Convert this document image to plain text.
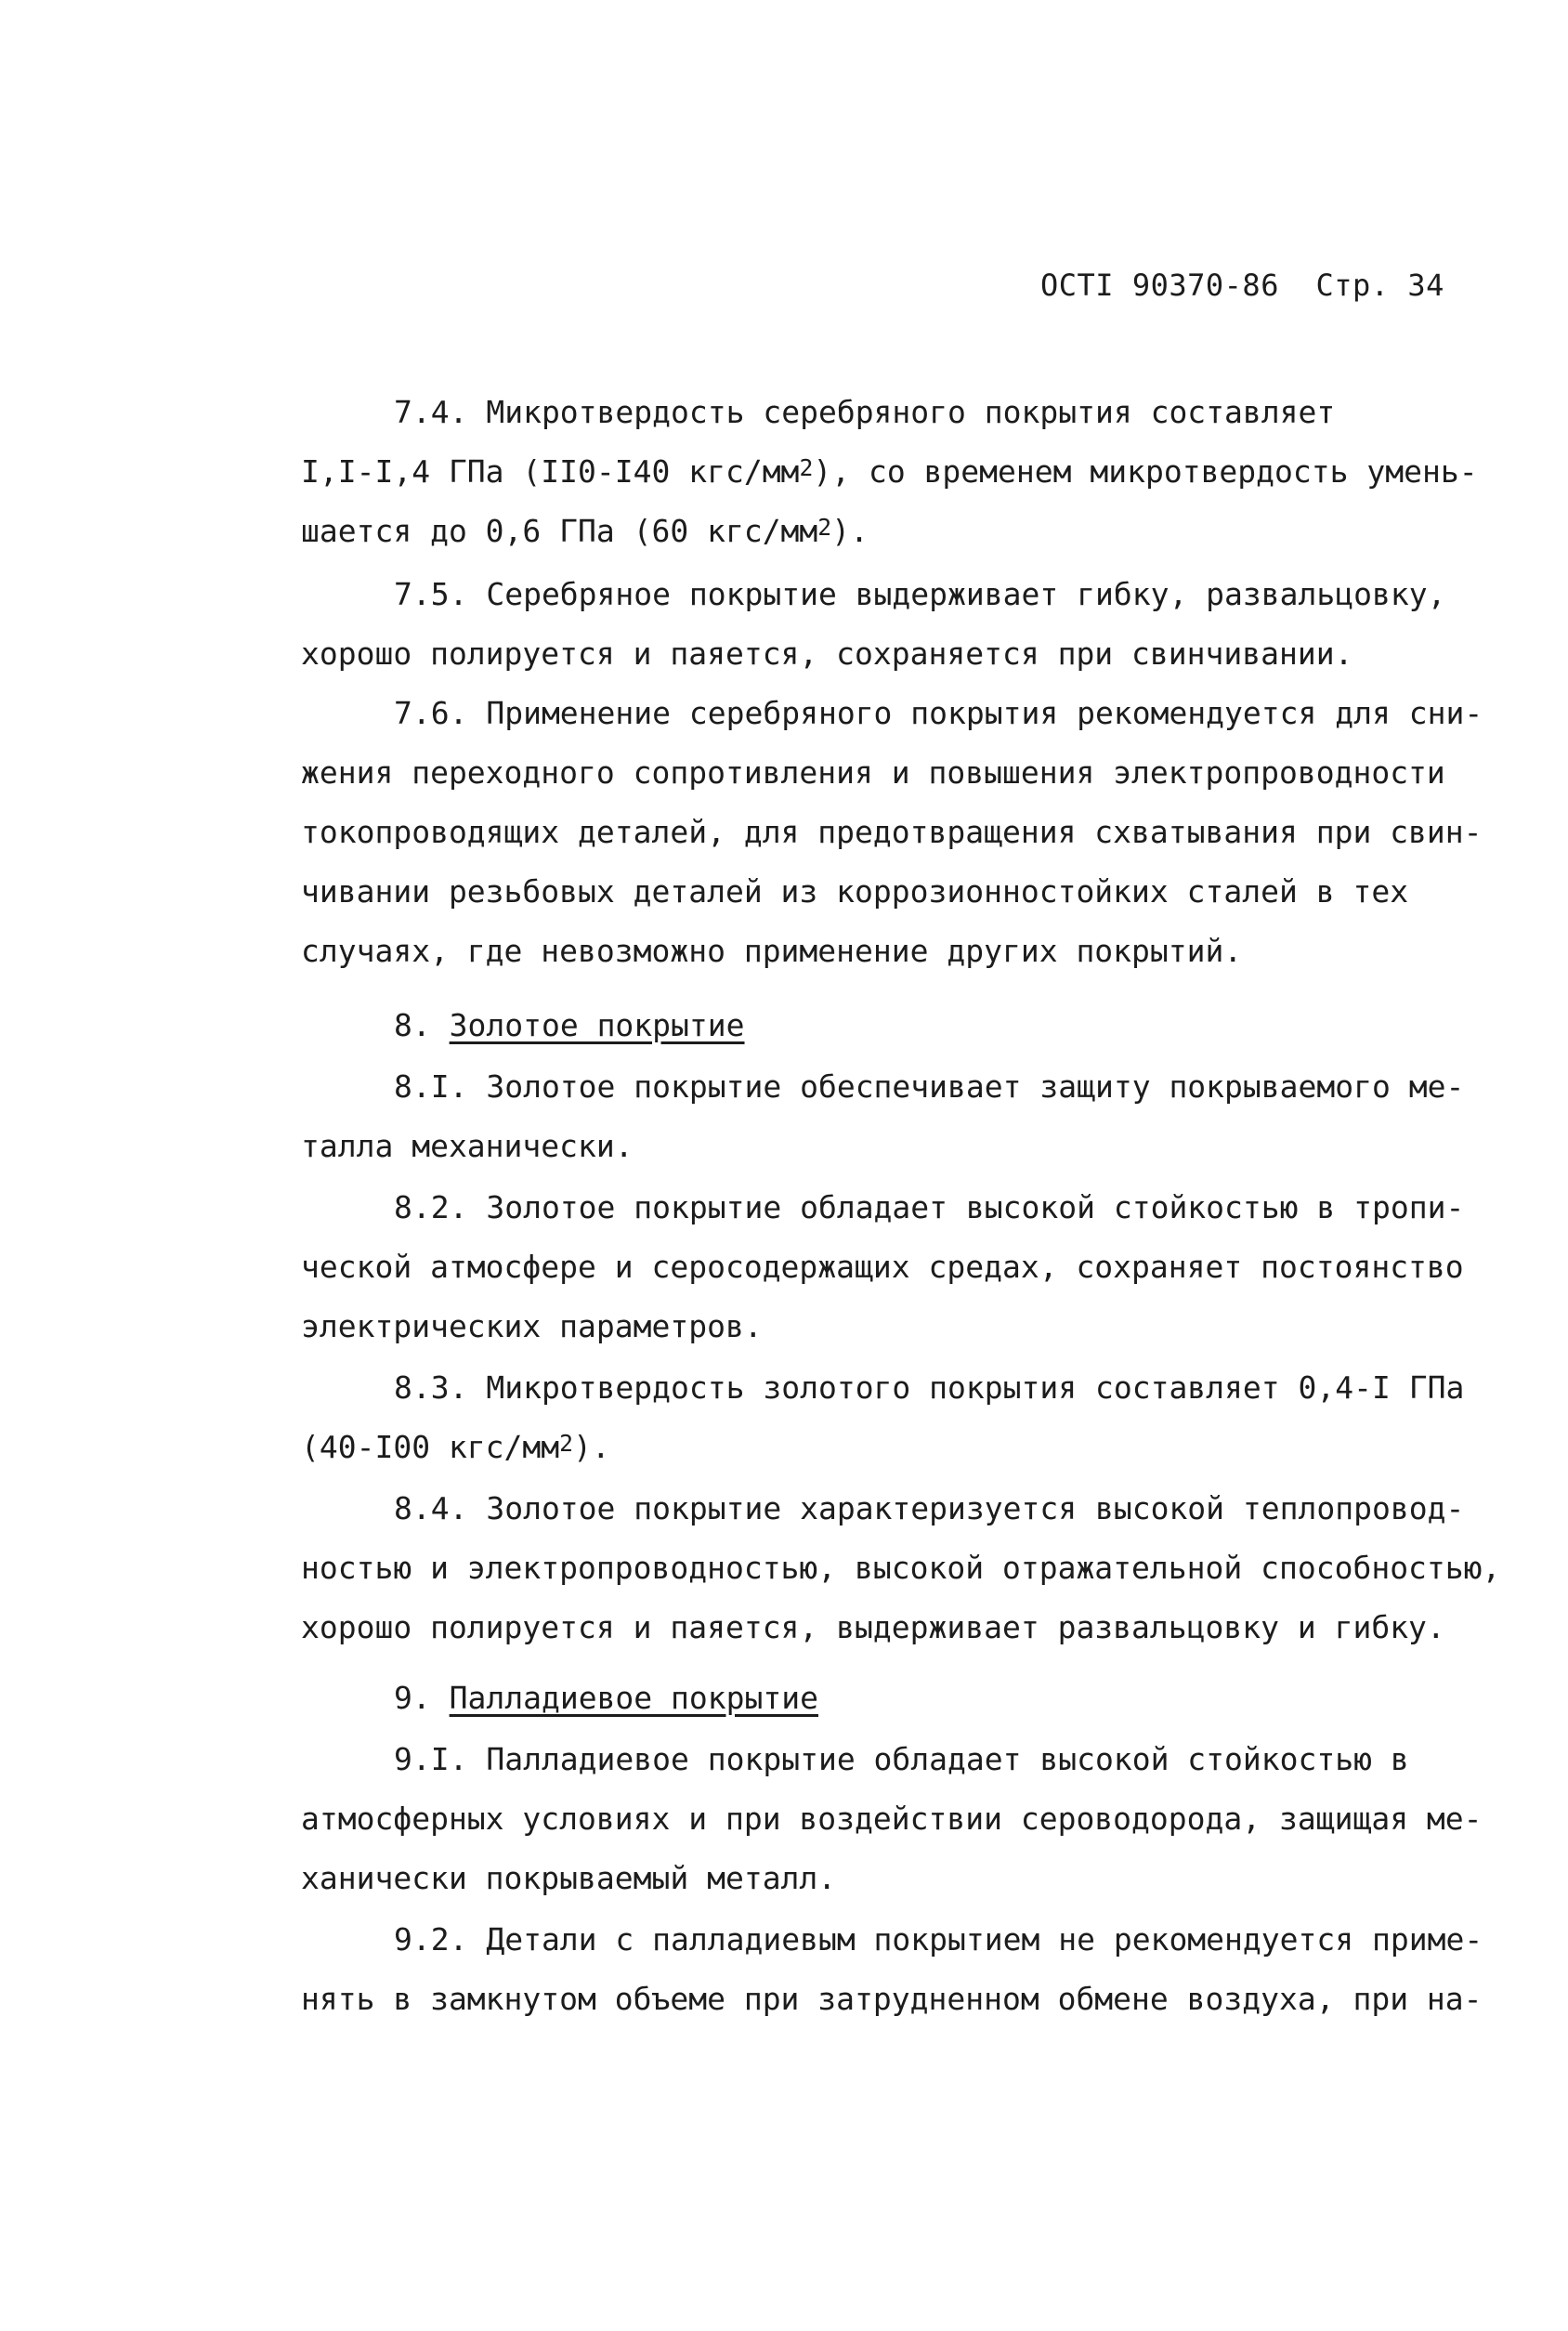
ОСТI 90370-86 Стр. 34
7.4. Микротвердость серебряного покрытия составляет
I,I-I,4 ГПа (II0-I40 кгс/$мм^2$), со временем микротвердость умень-
шается до 0,6 ГПа (60 кгс/$мм^2$).
7.5. Серебряное покрытие выдерживает гибку, развальцовку,
хорошо полируется и паяется, сохраняется при свинчивании.
7.6. Применение серебряного покрытия рекомендуется для сни-
жения переходного сопротивления и повышения электропроводности
токопроводящих деталей, для предотвращения схватывания при свин-
чивании резьбовых деталей из коррозионностойких сталей в тех
случаях, где невозможно применение других покрытий.
8. Золотое покрытие
8.I. Золотое покрытие обеспечивает защиту покрываемого ме-
талла механически.
8.2. Золотое покрытие обладает высокой стойкостью в тропи-
ческой атмосфере и серосодержащих средах, сохраняет постоянство
электрических параметров.
8.3. Микротвердость золотого покрытия составляет 0,4-I ГПа
(40-I00 кгс/$мм^2$).
8.4. Золотое покрытие характеризуется высокой теплопровод-
ностью и электропроводностью, высокой отражательной способностью,
хорошо полируется и паяется, выдерживает развальцовку и гибку.
9. Палладиевое покрытие
9.I. Палладиевое покрытие обладает высокой стойкостью в
атмосферных условиях и при воздействии сероводорода, защищая ме-
ханически покрываемый металл.
9.2. Детали с палладиевым покрытием не рекомендуется приме-
нять в замкнутом объеме при затрудненном обмене воздуха, при на-
